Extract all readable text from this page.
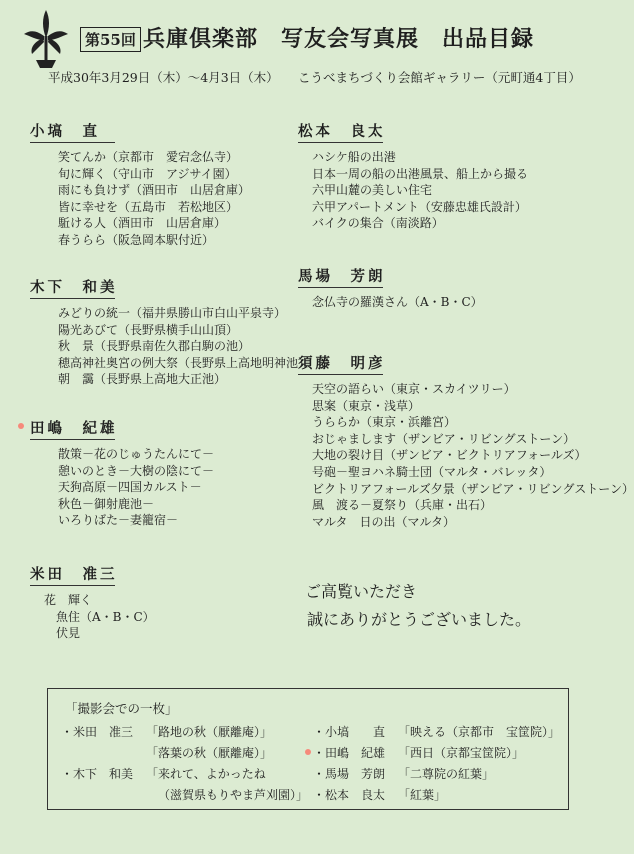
第55回 兵庫倶楽部　写友会写真展　出品目録
平成30年3月29日（木）～4月3日（木） こうべまちづくり会館ギャラリー（元町通4丁目）
小塙　直
笑てんか（京都市　愛宕念仏寺）
旬に輝く（守山市　アジサイ園）
雨にも負けず（酒田市　山居倉庫）
皆に幸せを（五島市　若松地区）
駈ける人（酒田市　山居倉庫）
春うらら（阪急岡本駅付近）
木下　和美
みどりの統一（福井県勝山市白山平泉寺）
陽光あびて（長野県横手山山頂）
秋　景（長野県南佐久郡白駒の池）
穂高神社奥宮の例大祭（長野県上高地明神池）
朝　靄（長野県上高地大正池）
田嶋　紀雄
散策－花のじゅうたんにて－
憩いのとき－大樹の陰にて－
天狗高原－四国カルスト－
秋色－御射鹿池－
いろりばた－妻籠宿－
米田　准三
花　輝く
魚住（A・B・C）
伏見
松本　良太
ハシケ船の出港
日本一周の船の出港風景、船上から撮る
六甲山麓の美しい住宅
六甲アパートメント（安藤忠雄氏設計）
バイクの集合（南淡路）
馬場　芳朗
念仏寺の羅漢さん（A・B・C）
須藤　明彦
天空の語らい（東京・スカイツリー）
思案（東京・浅草）
うららか（東京・浜離宮）
おじゃまします（ザンビア・リビングストーン）
大地の裂け目（ザンビア・ビクトリアフォールズ）
号砲－聖ヨハネ騎士団（マルタ・バレッタ）
ビクトリアフォールズ夕景（ザンビア・リビングストーン）
風　渡る－夏祭り（兵庫・出石）
マルタ　日の出（マルタ）
ご高覧いただき
誠にありがとうございました。
「撮影会での一枚」
・米田　准三	「路地の秋（厭離庵）」
「落葉の秋（厭離庵）」
・木下　和美	「来れて、よかったね
（滋賀県もりやま芦刈園）」
・小塙　　直	「映える（京都市　宝筐院）」
・田嶋　紀雄	「西日（京都宝筐院）」
・馬場　芳朗	「二尊院の紅葉」
・松本　良太	「紅葉」
